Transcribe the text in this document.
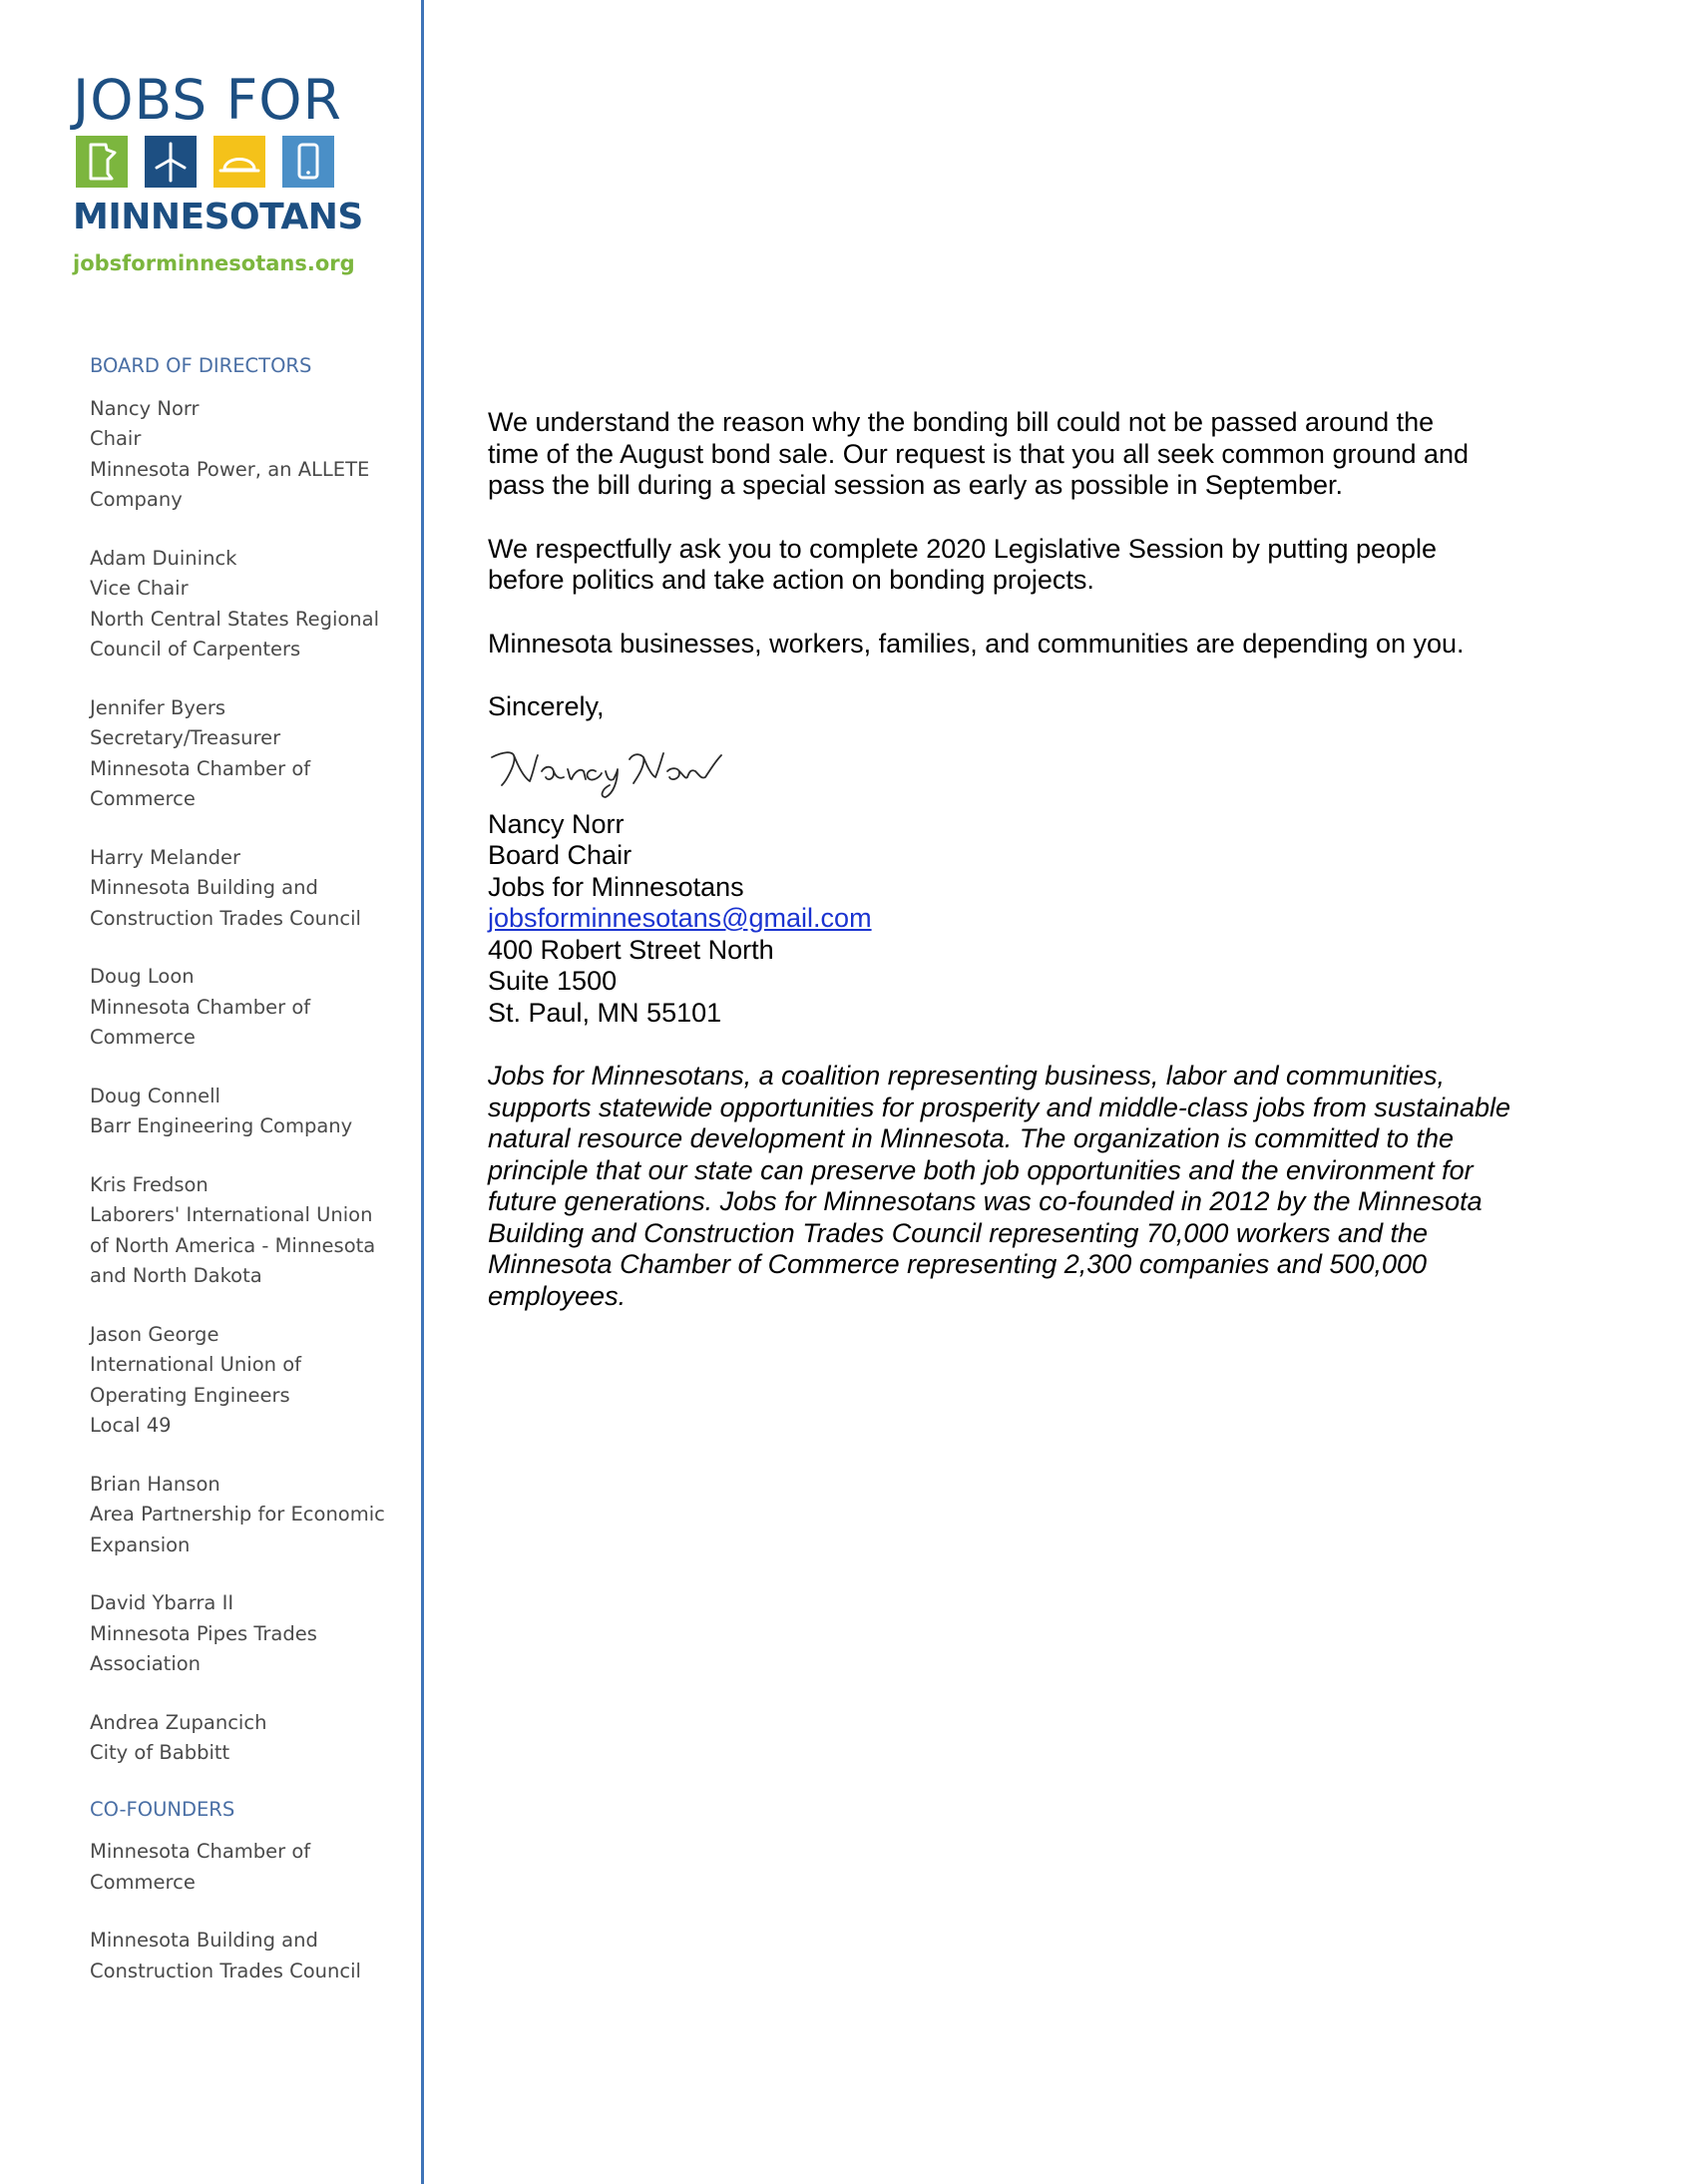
JOBS FOR
MINNESOTANS
jobsforminnesotans.org
BOARD OF DIRECTORS
Nancy Norr
Chair
Minnesota Power, an ALLETE
Company
Adam Duininck
Vice Chair
North Central States Regional
Council of Carpenters
Jennifer Byers
Secretary/Treasurer
Minnesota Chamber of
Commerce
Harry Melander
Minnesota Building and
Construction Trades Council
Doug Loon
Minnesota Chamber of
Commerce
Doug Connell
Barr Engineering Company
Kris Fredson
Laborers' International Union
of North America - Minnesota
and North Dakota
Jason George
International Union of
Operating Engineers
Local 49
Brian Hanson
Area Partnership for Economic
Expansion
David Ybarra II
Minnesota Pipes Trades
Association
Andrea Zupancich
City of Babbitt
CO-FOUNDERS
Minnesota Chamber of
Commerce
Minnesota Building and
Construction Trades Council
We understand the reason why the bonding bill could not be passed around the
time of the August bond sale. Our request is that you all seek common ground and
pass the bill during a special session as early as possible in September.
We respectfully ask you to complete 2020 Legislative Session by putting people
before politics and take action on bonding projects.
Minnesota businesses, workers, families, and communities are depending on you.
Sincerely,
Nancy Norr
Board Chair
Jobs for Minnesotans
jobsforminnesotans@gmail.com
400 Robert Street North
Suite 1500
St. Paul, MN 55101
Jobs for Minnesotans, a coalition representing business, labor and communities,
supports statewide opportunities for prosperity and middle-class jobs from sustainable
natural resource development in Minnesota. The organization is committed to the
principle that our state can preserve both job opportunities and the environment for
future generations. Jobs for Minnesotans was co-founded in 2012 by the Minnesota
Building and Construction Trades Council representing 70,000 workers and the
Minnesota Chamber of Commerce representing 2,300 companies and 500,000
employees.
